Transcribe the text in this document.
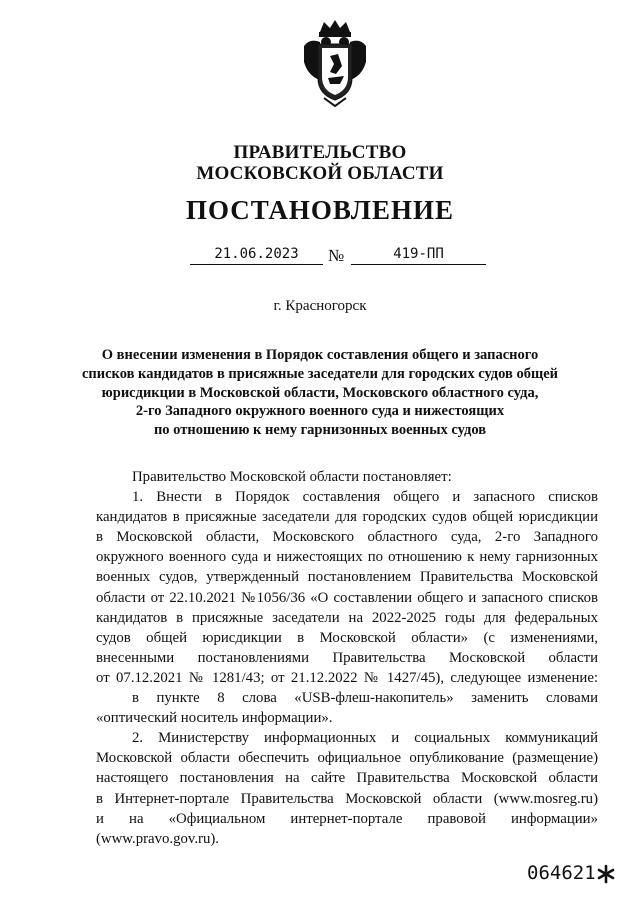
ПРАВИТЕЛЬСТВО
МОСКОВСКОЙ ОБЛАСТИ
ПОСТАНОВЛЕНИЕ
21.06.2023	№	419-ПП
г. Красногорск
О внесении изменения в Порядок составления общего и запасного
списков кандидатов в присяжные заседатели для городских судов общей
юрисдикции в Московской области, Московского областного суда,
2-го Западного окружного военного суда и нижестоящих
по отношению к нему гарнизонных военных судов
Правительство Московской области постановляет:
1. Внести в Порядок составления общего и запасного списков
кандидатов в присяжные заседатели для городских судов общей юрисдикции
в Московской области, Московского областного суда, 2-го Западного
окружного военного суда и нижестоящих по отношению к нему гарнизонных
военных судов, утвержденный постановлением Правительства Московской
области от 22.10.2021 №1056/36 «О составлении общего и запасного списков
кандидатов в присяжные заседатели на 2022-2025 годы для федеральных
судов общей юрисдикции в Московской области» (с изменениями,
внесенными постановлениями Правительства Московской области
от 07.12.2021 № 1281/43; от 21.12.2022 № 1427/45), следующее изменение:
в пункте 8 слова «USB-флеш-накопитель» заменить словами
«оптический носитель информации».
2. Министерству информационных и социальных коммуникаций
Московской области обеспечить официальное опубликование (размещение)
настоящего постановления на сайте Правительства Московской области
в Интернет-портале Правительства Московской области (www.mosreg.ru)
и на «Официальном интернет-портале правовой информации»
(www.pravo.gov.ru).
064621
